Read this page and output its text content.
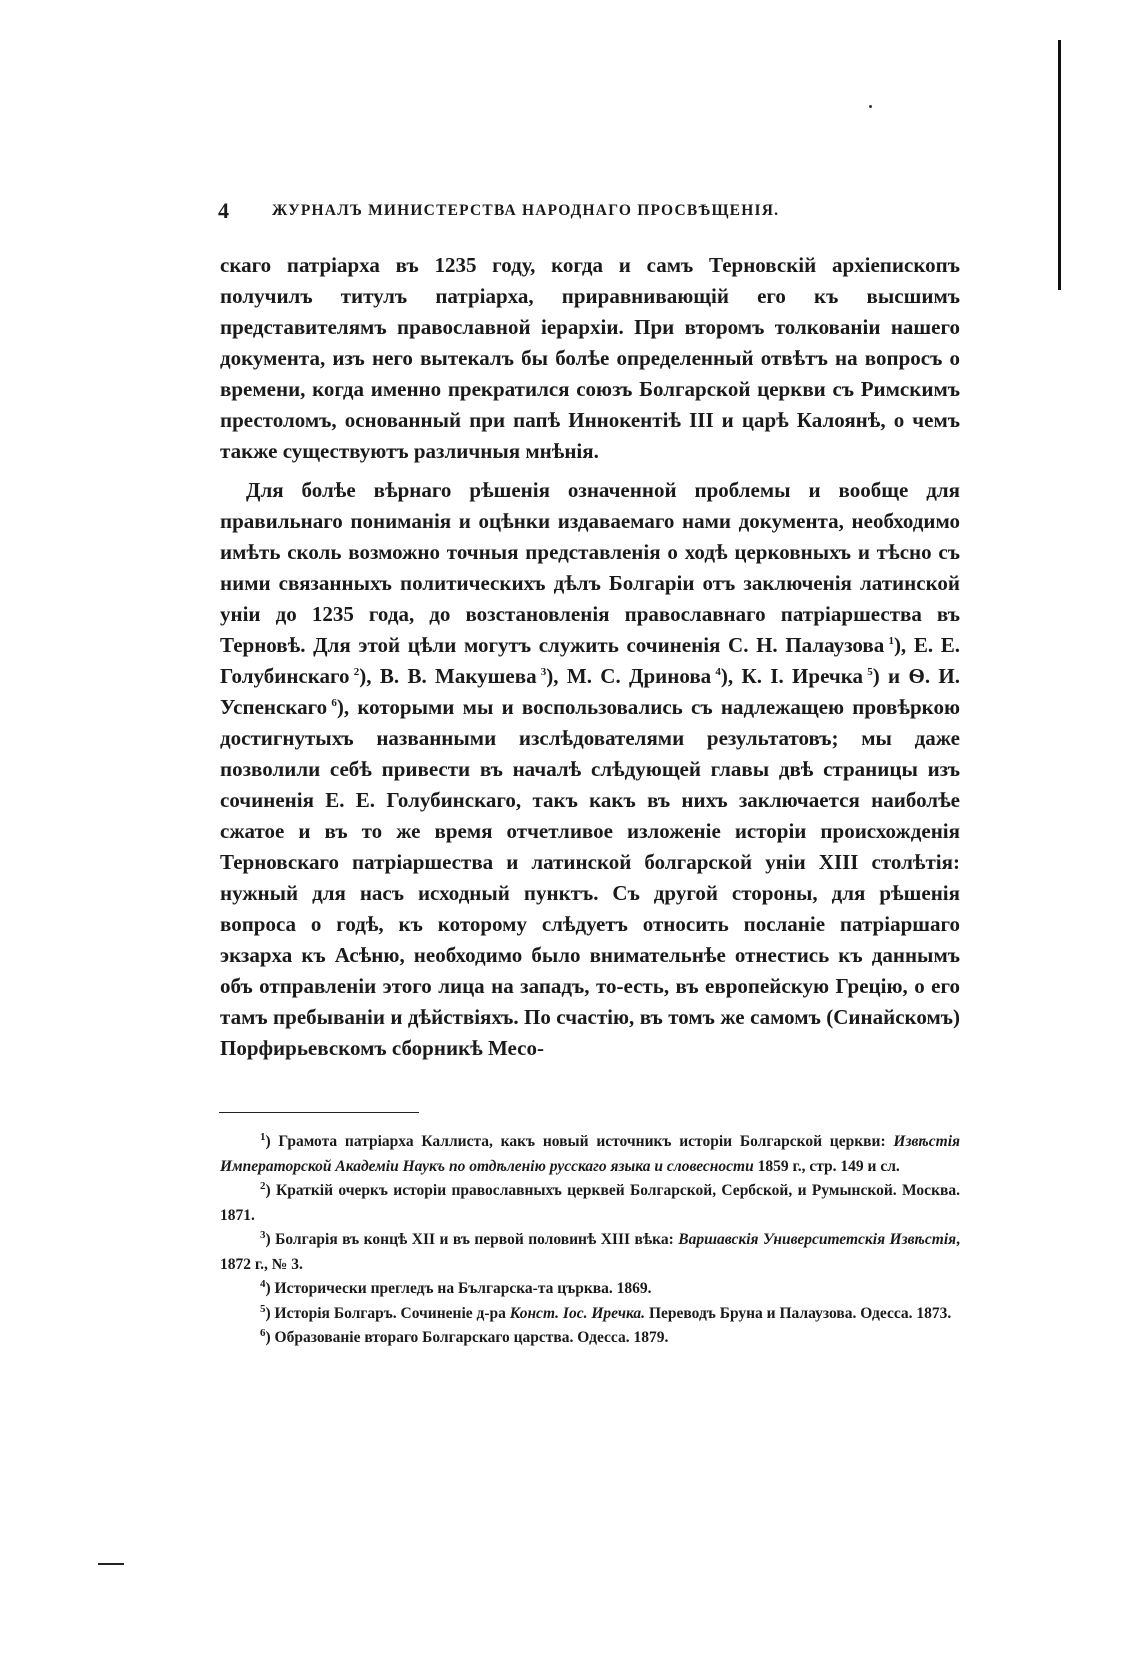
4	ЖУРНАЛЪ МИНИСТЕРСТВА НАРОДНАГО ПРОСВѢЩЕНІЯ.

скаго патріарха въ 1235 году, когда и самъ Терновскій архіепископъ получилъ титулъ патріарха, приравнивающій его къ высшимъ представителямъ православной іерархіи. При второмъ толкованіи нашего документа, изъ него вытекалъ бы болѣе определенный отвѣтъ на вопросъ о времени, когда именно прекратился союзъ Болгарской церкви съ Римскимъ престоломъ, основанный при папѣ Иннокентіѣ III и царѣ Калоянѣ, о чемъ также существуютъ различныя мнѣнія.

Для болѣе вѣрнаго рѣшенія означенной проблемы и вообще для правильнаго пониманія и оцѣнки издаваемаго нами документа, необходимо имѣть сколь возможно точныя представленія о ходѣ церковныхъ и тѣсно съ ними связанныхъ политическихъ дѣлъ Болгаріи отъ заключенія латинской уніи до 1235 года, до возстановленія православнаго патріаршества въ Терновѣ. Для этой цѣли могутъ служить сочиненія С. Н. Палаузова  $^1$), Е. Е. Голубинскаго  $^2$), В. В. Макушева  $^3$), М. С. Дринова  $^4$), К. І. Иречка  $^5$) и Ѳ. И. Успенскаго  $^6$), которыми мы и воспользовались съ надлежащею провѣркою достигнутыхъ названными изслѣдователями результатовъ; мы даже позволили себѣ привести въ началѣ слѣдующей главы двѣ страницы изъ сочиненія Е. Е. Голубинскаго, такъ какъ въ нихъ заключается наиболѣе сжатое и въ то же время отчетливое изложеніе исторіи происхожденія Терновскаго патріаршества и латинской болгарской уніи XIII столѣтія: нужный для насъ исходный пунктъ. Съ другой стороны, для рѣшенія вопроса о годѣ, къ которому слѣдуетъ относить посланіе патріаршаго экзарха къ Асѣню, необходимо было внимательнѣе отнестись къ даннымъ объ отправленіи этого лица на западъ, то-есть, въ европейскую Грецію, о его тамъ пребываніи и дѣйствіяхъ. По счастію, въ томъ же самомъ (Синайскомъ) Порфирьевскомъ сборникѣ Месо-

$^1$) Грамота патріарха Каллиста, какъ новый источникъ исторіи Болгарской церкви: Извѣстія Императорской Академіи Наукъ по отдѣленію русскаго языка и словесности 1859 г., стр. 149 и сл.

$^2$) Краткій очеркъ исторіи православныхъ церквей Болгарской, Сербской, и Румынской. Москва. 1871.

$^3$) Болгарія въ концѣ XII и въ первой половинѣ XIII вѣка: Варшавскія Университетскія Извѣстія, 1872 г., № 3.

$^4$) Исторически прегледъ на Българска-та църква. 1869.

$^5$) Исторія Болгаръ. Сочиненіе д-ра Конст. Іос. Иречка. Переводъ Бруна и Палаузова. Одесса. 1873.

$^6$) Образованіе втораго Болгарскаго царства. Одесса. 1879.
